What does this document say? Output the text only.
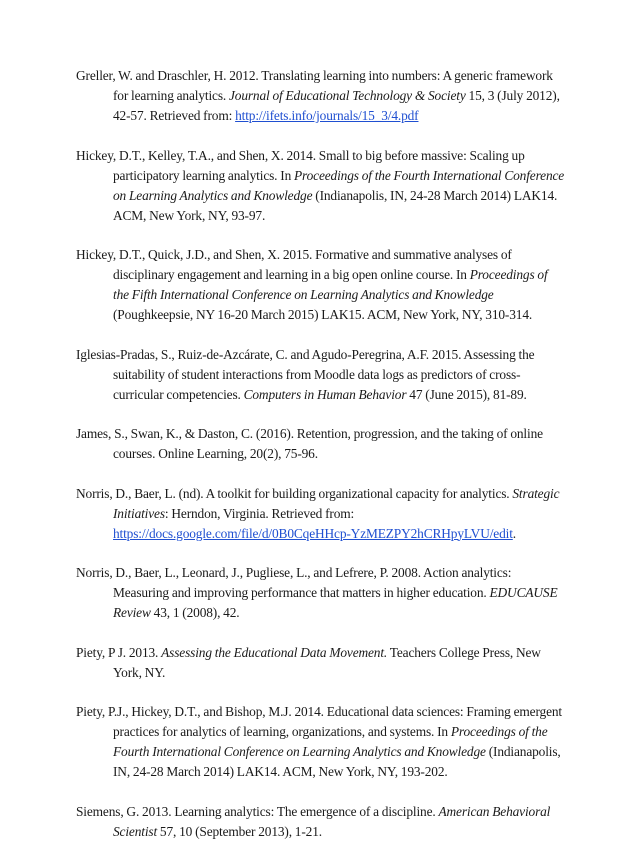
Greller, W. and Draschler, H. 2012. Translating learning into numbers: A generic framework for learning analytics. Journal of Educational Technology & Society 15, 3 (July 2012), 42-57. Retrieved from: http://ifets.info/journals/15_3/4.pdf

Hickey, D.T., Kelley, T.A., and Shen, X. 2014. Small to big before massive: Scaling up participatory learning analytics. In Proceedings of the Fourth International Conference on Learning Analytics and Knowledge (Indianapolis, IN, 24-28 March 2014) LAK14. ACM, New York, NY, 93-97.

Hickey, D.T., Quick, J.D., and Shen, X. 2015. Formative and summative analyses of disciplinary engagement and learning in a big open online course. In Proceedings of the Fifth International Conference on Learning Analytics and Knowledge (Poughkeepsie, NY 16-20 March 2015) LAK15. ACM, New York, NY, 310-314.

Iglesias-Pradas, S., Ruiz-de-Azcárate, C. and Agudo-Peregrina, A.F. 2015. Assessing the suitability of student interactions from Moodle data logs as predictors of cross-curricular competencies. Computers in Human Behavior 47 (June 2015), 81-89.

James, S., Swan, K., & Daston, C. (2016). Retention, progression, and the taking of online courses. Online Learning, 20(2), 75-96.

Norris, D., Baer, L. (nd). A toolkit for building organizational capacity for analytics. Strategic Initiatives: Herndon, Virginia. Retrieved from: https://docs.google.com/file/d/0B0CqeHHcp-YzMEZPY2hCRHpyLVU/edit.

Norris, D., Baer, L., Leonard, J., Pugliese, L., and Lefrere, P. 2008. Action analytics: Measuring and improving performance that matters in higher education. EDUCAUSE Review 43, 1 (2008), 42.

Piety, P J. 2013. Assessing the Educational Data Movement. Teachers College Press, New York, NY.

Piety, P.J., Hickey, D.T., and Bishop, M.J. 2014. Educational data sciences: Framing emergent practices for analytics of learning, organizations, and systems. In Proceedings of the Fourth International Conference on Learning Analytics and Knowledge (Indianapolis, IN, 24-28 March 2014) LAK14. ACM, New York, NY, 193-202.

Siemens, G. 2013. Learning analytics: The emergence of a discipline. American Behavioral Scientist 57, 10 (September 2013), 1-21.
